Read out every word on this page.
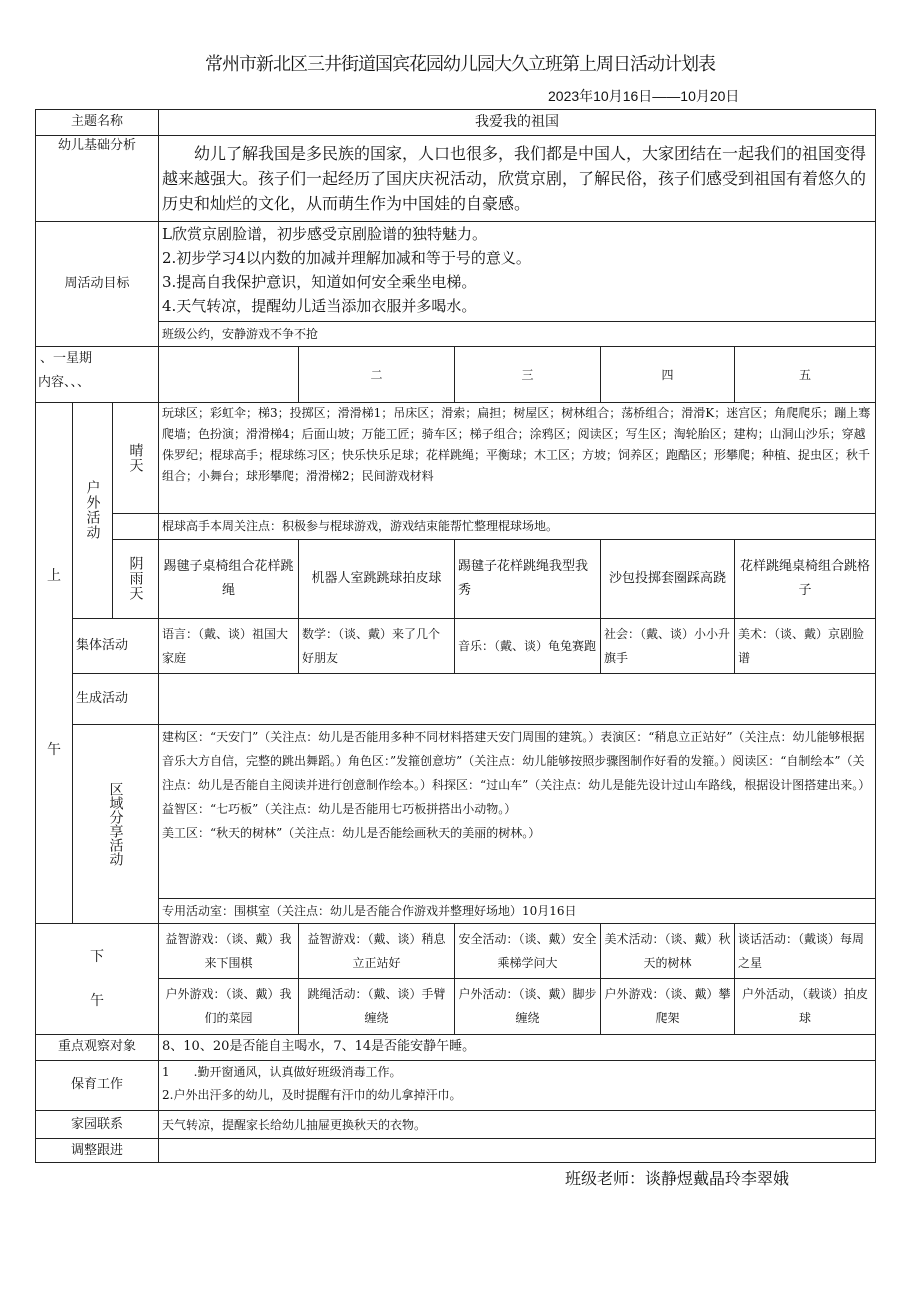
常州市新北区三井街道国宾花园幼儿园大久立班第上周日活动计划表
2023年10月16日——10月20日
主题名称			我爱我的祖国				
幼儿基础分析			　　幼儿了解我国是多民族的国家，人口也很多，我们都是中国人，大家团结在一起我们的祖国变得越来越强大。孩子们一起经历了国庆庆祝活动，欣赏京剧，了解民俗，孩子们感受到祖国有着悠久的历史和灿烂的文化，从而萌生作为中国娃的自豪感。				
周活动目标			L欣赏京剧脸谱，初步感受京剧脸谱的独特魅力。

2.初步学习4以内数的加减并理解加减和等于号的意义。

3.提高自我保护意识，知道如何安全乘坐电梯。

4.天气转凉，提醒幼儿适当添加衣服并多喝水。				

			班级公约，安静游戏不争不抢				

、一星期
内容、、、				二	三	四	五

上
午	户外活动	晴天	玩球区；彩虹伞；梯3；投掷区；滑滑梯1；吊床区；滑索；扁担；树屋区；树林组合；荡桥组合；滑滑K；迷宫区；角爬爬乐；蹦上骞爬墙；色扮演；滑滑梯4；后面山坡；万能工匠；骑车区；梯子组合；涂鸦区；阅读区；写生区；淘轮胎区；建构；山洞山沙乐；穿越侏罗纪；棍球高手；棍球练习区；快乐快乐足球；花样跳绳；平衡球；木工区；方坡；饲养区；跑酷区；形攀爬；种植、捉虫区；秋千组合；小舞台；球形攀爬；滑滑梯2；民间游戏材料				
			棍球高手本周关注点：积极参与棍球游戏，游戏结束能帮忙整理棍球场地。				
		阴雨天	踢毽子桌椅组合花样跳绳	机器人室跳跳球拍皮球	踢毽子花样跳绳我型我秀	沙包投掷套圈踩高跷	花样跳绳桌椅组合跳格子
	集体活动		语言：（戴、谈）祖国大家庭	数学：（谈、戴）来了几个好朋友	音乐：（戴、谈）龟兔赛跑	社会：（戴、谈）小小升旗手	美术：（谈、戴）京剧脸谱
	生成活动						
	区域分享活动		建构区：“天安门”（关注点：幼儿是否能用多种不同材料搭建天安门周围的建筑。）表演区：“稍息立正站好”（关注点：幼儿能够根据音乐大方自信，完整的跳出舞蹈。）角色区：”发箍创意坊”（关注点：幼儿能够按照步骤图制作好看的发箍。）阅读区：“自制绘本”（关注点：幼儿是否能自主阅读并进行创意制作绘本。）科探区：“过山车”（关注点：幼儿是能先设计过山车路线，根据设计图搭建出来。）益智区：“七巧板”（关注点：幼儿是否能用七巧板拼搭出小动物。）

美工区：“秋天的树林”（关注点：幼儿是否能绘画秋天的美丽的树林。）				

			专用活动室：围棋室（关注点：幼儿是否能合作游戏并整理好场地）10月16日				

下
午			益智游戏：（谈、戴）我来下围棋	益智游戏：（戴、谈）稍息立正站好	安全活动：（谈、戴）安全乘梯学问大	美术活动：（谈、戴）秋天的树林	谈话活动：（戴谈）每周之星
			户外游戏：（谈、戴）我们的菜园	跳绳活动：（戴、谈）手臂缠绕	户外活动：（谈、戴）脚步缠绕	户外游戏：（谈、戴）攀爬架	户外活动，（载谈）拍皮球
重点观察对象			8、10、20是否能自主喝水，7、14是否能安静午睡。				
保育工作			1　　.勤开窗通风，认真做好班级消毒工作。

2.户外出汗多的幼儿，及时提醒有汗巾的幼儿拿掉汗巾。				

家园联系			天气转凉，提醒家长给幼儿抽屉更换秋天的衣物。				
调整跟进							
班级老师：谈静煜戴晶玲李翠娥
